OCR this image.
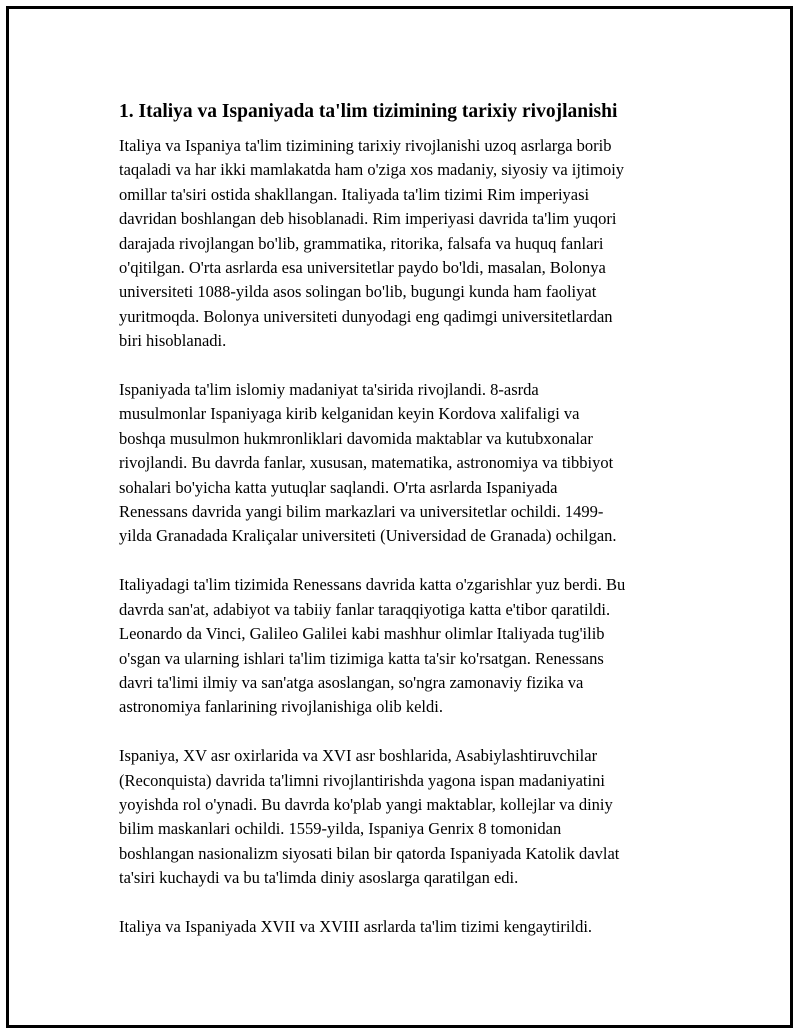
1. Italiya va Ispaniyada ta'lim tizimining tarixiy rivojlanishi

Italiya va Ispaniya ta'lim tizimining tarixiy rivojlanishi uzoq asrlarga borib
taqaladi va har ikki mamlakatda ham o'ziga xos madaniy, siyosiy va ijtimoiy
omillar ta'siri ostida shakllangan. Italiyada ta'lim tizimi Rim imperiyasi
davridan boshlangan deb hisoblanadi. Rim imperiyasi davrida ta'lim yuqori
darajada rivojlangan bo'lib, grammatika, ritorika, falsafa va huquq fanlari
o'qitilgan. O'rta asrlarda esa universitetlar paydo bo'ldi, masalan, Bolonya
universiteti 1088-yilda asos solingan bo'lib, bugungi kunda ham faoliyat
yuritmoqda. Bolonya universiteti dunyodagi eng qadimgi universitetlardan
biri hisoblanadi.

Ispaniyada ta'lim islomiy madaniyat ta'sirida rivojlandi. 8-asrda
musulmonlar Ispaniyaga kirib kelganidan keyin Kordova xalifaligi va
boshqa musulmon hukmronliklari davomida maktablar va kutubxonalar
rivojlandi. Bu davrda fanlar, xususan, matematika, astronomiya va tibbiyot
sohalari bo'yicha katta yutuqlar saqlandi. O'rta asrlarda Ispaniyada
Renessans davrida yangi bilim markazlari va universitetlar ochildi. 1499-
yilda Granadada Kraliçalar universiteti (Universidad de Granada) ochilgan.

Italiyadagi ta'lim tizimida Renessans davrida katta o'zgarishlar yuz berdi. Bu
davrda san'at, adabiyot va tabiiy fanlar taraqqiyotiga katta e'tibor qaratildi.
Leonardo da Vinci, Galileo Galilei kabi mashhur olimlar Italiyada tug'ilib
o'sgan va ularning ishlari ta'lim tizimiga katta ta'sir ko'rsatgan. Renessans
davri ta'limi ilmiy va san'atga asoslangan, so'ngra zamonaviy fizika va
astronomiya fanlarining rivojlanishiga olib keldi.

Ispaniya, XV asr oxirlarida va XVI asr boshlarida, Asabiylashtiruvchilar
(Reconquista) davrida ta'limni rivojlantirishda yagona ispan madaniyatini
yoyishda rol o'ynadi. Bu davrda ko'plab yangi maktablar, kollejlar va diniy
bilim maskanlari ochildi. 1559-yilda, Ispaniya Genrix 8 tomonidan
boshlangan nasionalizm siyosati bilan bir qatorda Ispaniyada Katolik davlat
ta'siri kuchaydi va bu ta'limda diniy asoslarga qaratilgan edi.

Italiya va Ispaniyada XVII va XVIII asrlarda ta'lim tizimi kengaytirildi.
